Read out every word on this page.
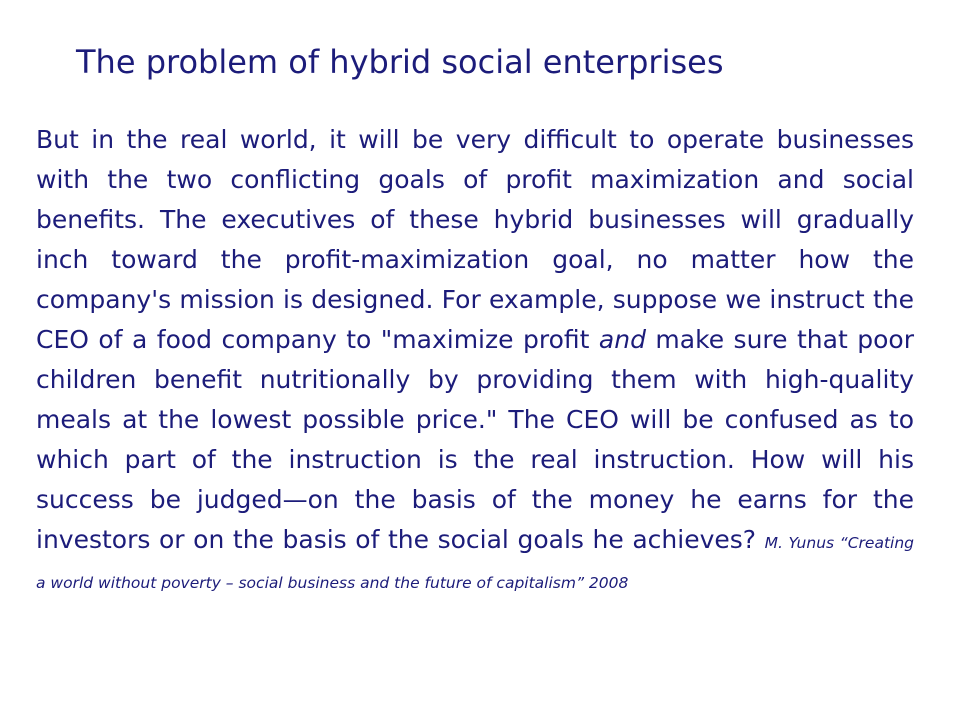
The problem of hybrid social enterprises

But in the real world, it will be very difficult to operate businesses with the two conflicting goals of profit maximization and social benefits. The executives of these hybrid businesses will gradually inch toward the profit-maximization goal, no matter how the company's mission is designed. For example, suppose we instruct the CEO of a food company to "maximize profit and make sure that poor children benefit nutritionally by providing them with high-quality meals at the lowest possible price." The CEO will be confused as to which part of the instruction is the real instruction. How will his success be judged—on the basis of the money he earns for the investors or on the basis of the social goals he achieves? M. Yunus “Creating a world without poverty – social business and the future of capitalism” 2008
